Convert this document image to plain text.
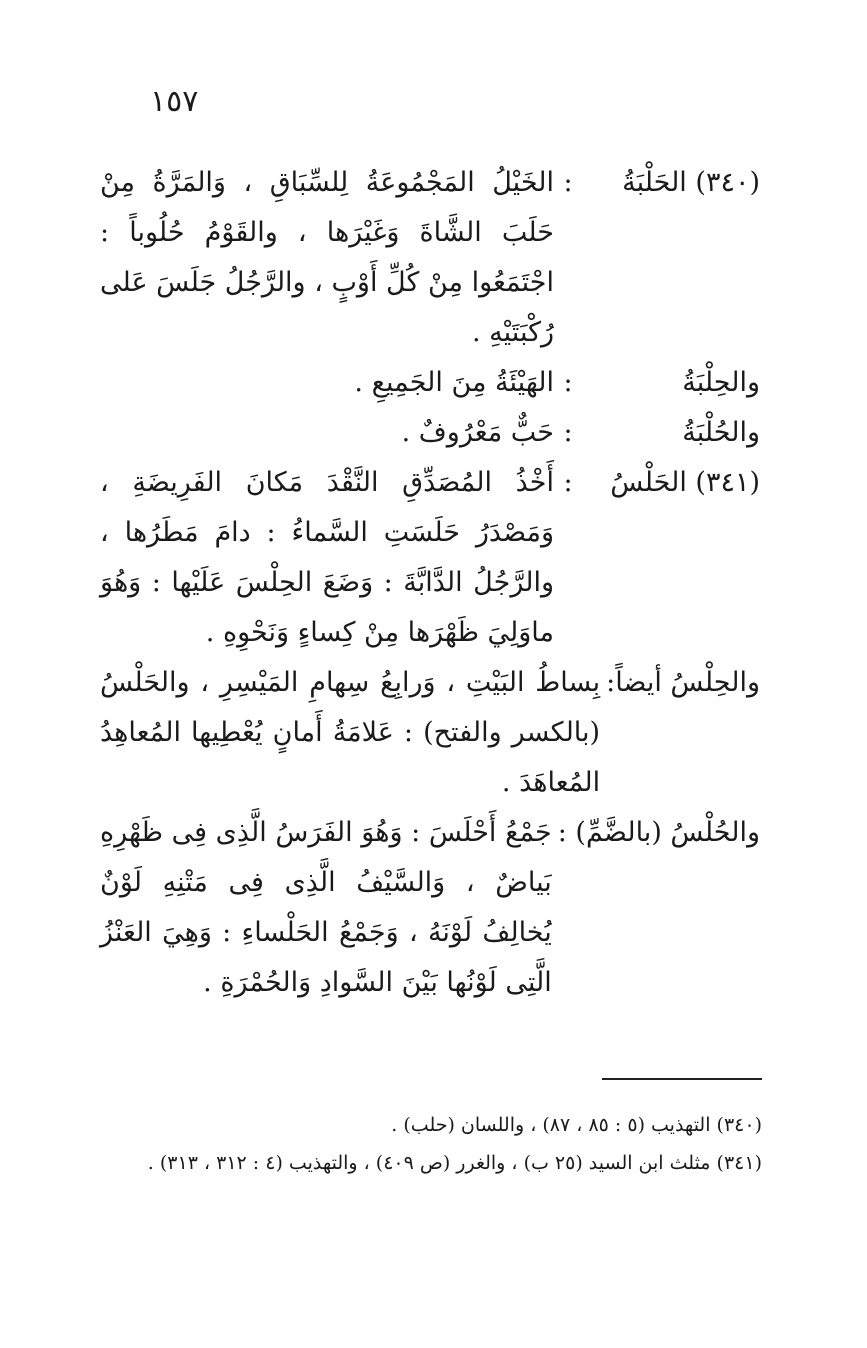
١٥٧
(٣٤٠) الحَلْبَةُ
:
الخَيْلُ المَجْمُوعَةُ لِلسِّبَاقِ ، وَالمَرَّةُ مِنْ حَلَبَ الشَّاةَ وَغَيْرَها ، والقَوْمُ حُلُوباً : اجْتَمَعُوا مِنْ كُلِّ أَوْبٍ ، والرَّجُلُ جَلَسَ عَلى رُكْبَتَيْهِ .
والحِلْبَةُ
:
الهَيْئَةُ مِنَ الجَمِيعِ .
والحُلْبَةُ
:
حَبٌّ مَعْرُوفٌ .
(٣٤١) الحَلْسُ
:
أَخْذُ المُصَدِّقِ النَّقْدَ مَكانَ الفَرِيضَةِ ، وَمَصْدَرُ حَلَسَتِ السَّماءُ : دامَ مَطَرُها ، والرَّجُلُ الدَّابَّةَ : وَضَعَ الحِلْسَ عَلَيْها : وَهُوَ ماوَلِيَ ظَهْرَها مِنْ كِساءٍ وَنَحْوِهِ .
والحِلْسُ أيضاً:
بِساطُ البَيْتِ ، وَرابِعُ سِهامِ المَيْسِرِ ، والحَلْسُ (بالكسر والفتح) : عَلامَةُ أَمانٍ يُعْطِيها المُعاهِدُ المُعاهَدَ .
والحُلْسُ (بالضَّمِّ) :
جَمْعُ أَحْلَسَ : وَهُوَ الفَرَسُ الَّذِى فِى ظَهْرِهِ بَياضٌ ، وَالسَّيْفُ الَّذِى فِى مَتْنِهِ لَوْنٌ يُخالِفُ لَوْنَهُ ، وَجَمْعُ الحَلْساءِ : وَهِيَ العَنْزُ الَّتِى لَوْنُها بَيْنَ السَّوادِ وَالحُمْرَةِ .
(٣٤٠) التهذيب (٥ : ٨٥ ، ٨٧) ، واللسان (حلب) .
(٣٤١) مثلث ابن السيد (٢٥ ب) ، والغرر (ص ٤٠٩) ، والتهذيب (٤ : ٣١٢ ، ٣١٣) .
